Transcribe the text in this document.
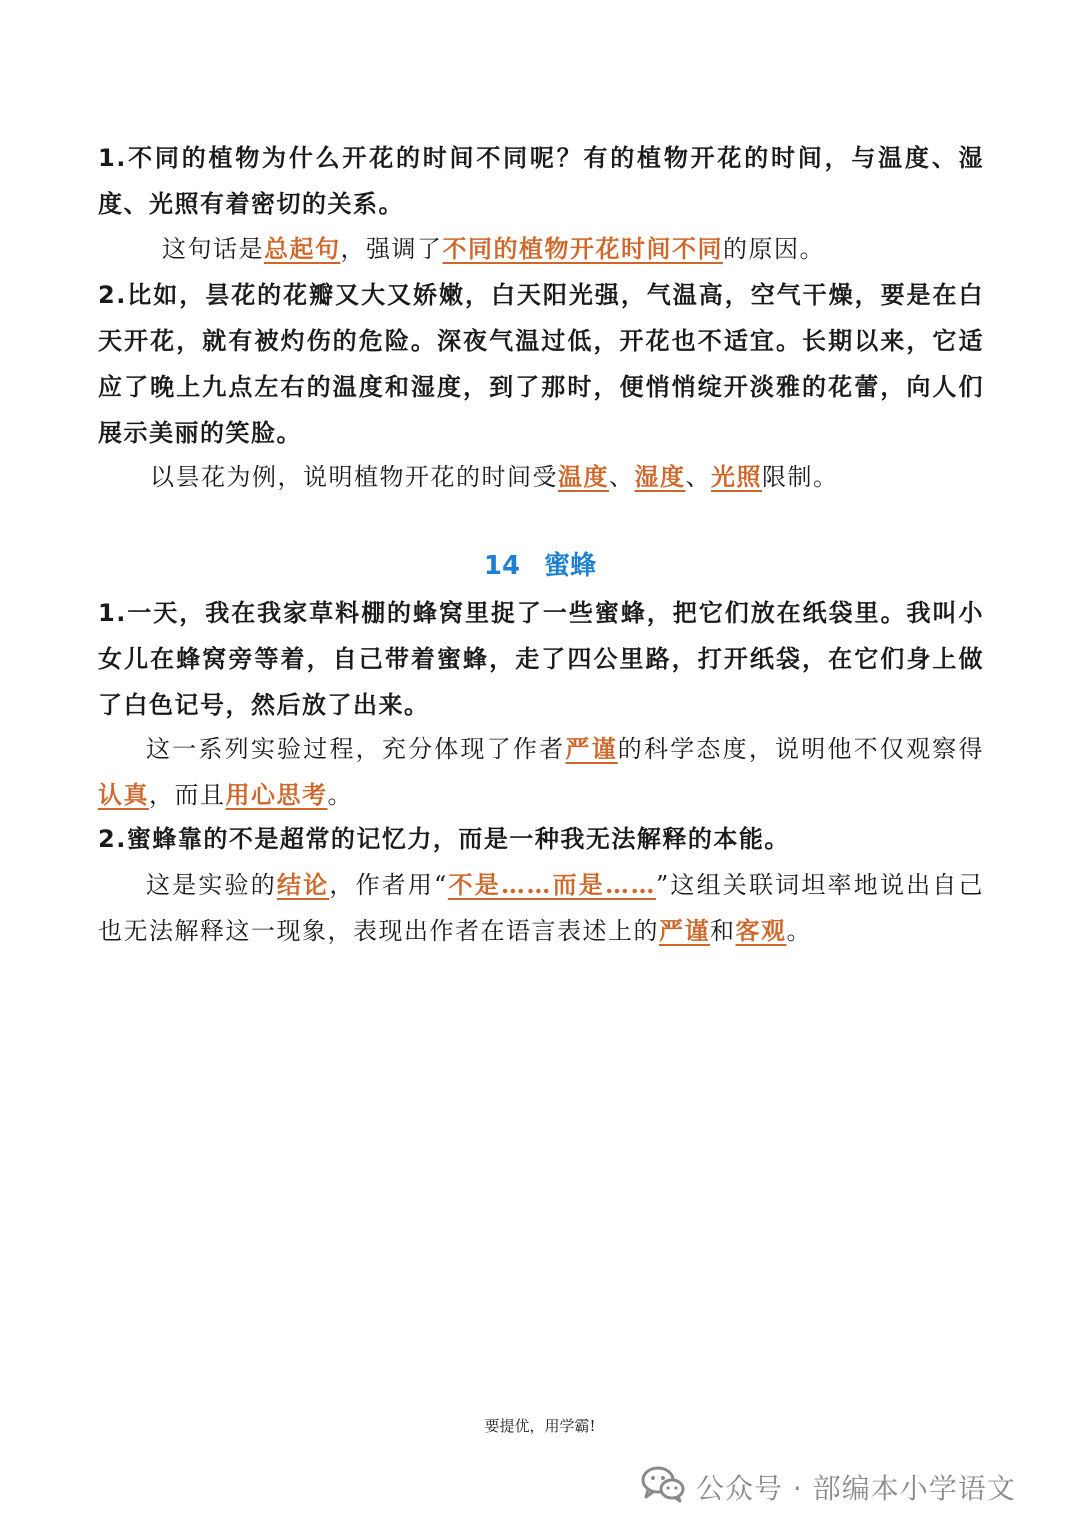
1.不同的植物为什么开花的时间不同呢？有的植物开花的时间，与温度、湿度、光照有着密切的关系。

这句话是总起句，强调了不同的植物开花时间不同的原因。

2.比如，昙花的花瓣又大又娇嫩，白天阳光强，气温高，空气干燥，要是在白天开花，就有被灼伤的危险。深夜气温过低，开花也不适宜。长期以来，它适应了晚上九点左右的温度和湿度，到了那时，便悄悄绽开淡雅的花蕾，向人们展示美丽的笑脸。

以昙花为例，说明植物开花的时间受温度、湿度、光照限制。

14 蜜蜂

1.一天，我在我家草料棚的蜂窝里捉了一些蜜蜂，把它们放在纸袋里。我叫小女儿在蜂窝旁等着，自己带着蜜蜂，走了四公里路，打开纸袋，在它们身上做了白色记号，然后放了出来。

这一系列实验过程，充分体现了作者严谨的科学态度，说明他不仅观察得认真，而且用心思考。

2.蜜蜂靠的不是超常的记忆力，而是一种我无法解释的本能。

这是实验的结论，作者用“不是……而是……”这组关联词坦率地说出自己也无法解释这一现象，表现出作者在语言表述上的严谨和客观。

要提优，用学霸!
公众号 · 部编本小学语文
